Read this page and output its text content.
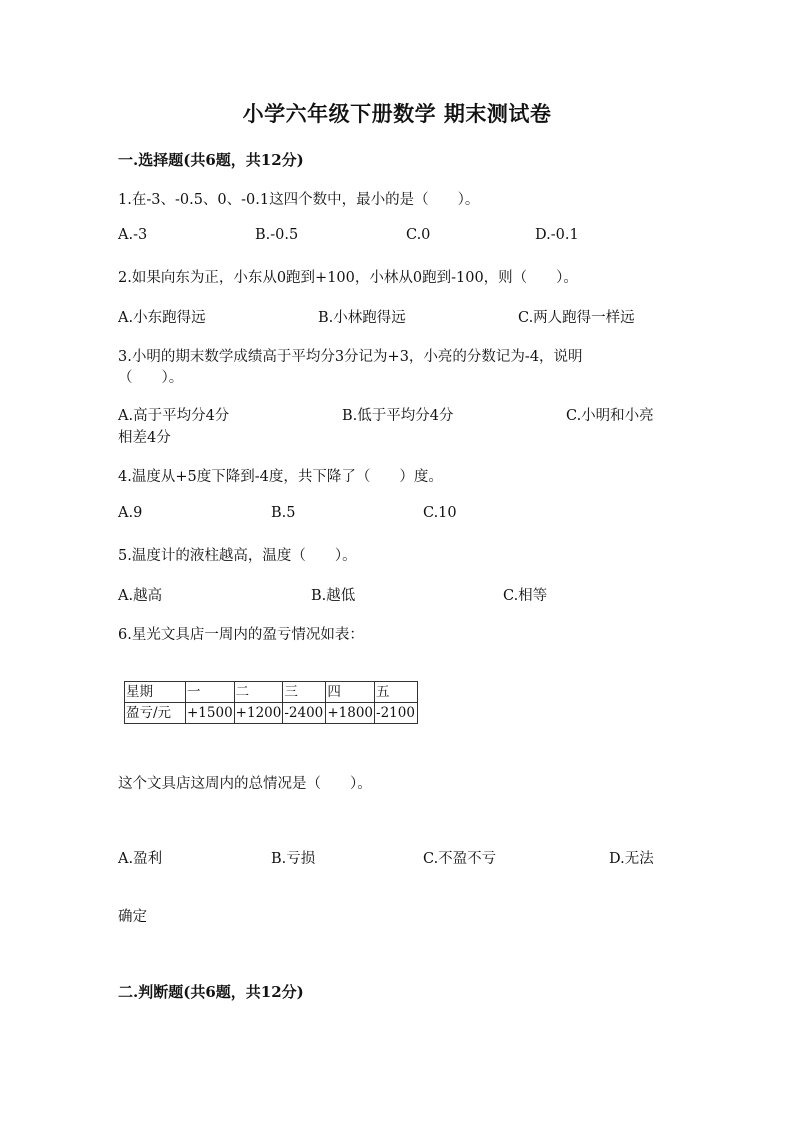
小学六年级下册数学 期末测试卷
一.选择题(共6题，共12分)
1.在-3、-0.5、0、-0.1这四个数中，最小的是（　　）。
A.-3	B.-0.5	C.0	D.-0.1
2.如果向东为正，小东从0跑到+100，小林从0跑到-100，则（　　）。
A.小东跑得远	B.小林跑得远	C.两人跑得一样远
3.小明的期末数学成绩高于平均分3分记为+3，小亮的分数记为-4，说明
（　　）。
A.高于平均分4分	B.低于平均分4分	C.小明和小亮
相差4分
4.温度从+5度下降到-4度，共下降了（　　）度。
A.9	B.5	C.10
5.温度计的液柱越高，温度（　　）。
A.越高	B.越低	C.相等
6.星光文具店一周内的盈亏情况如表：
星期	一	二	三	四	五
盈亏/元	+1500	+1200	-2400	+1800	-2100
这个文具店这周内的总情况是（　　）。
A.盈利	B.亏损	C.不盈不亏	D.无法
确定
二.判断题(共6题，共12分)
